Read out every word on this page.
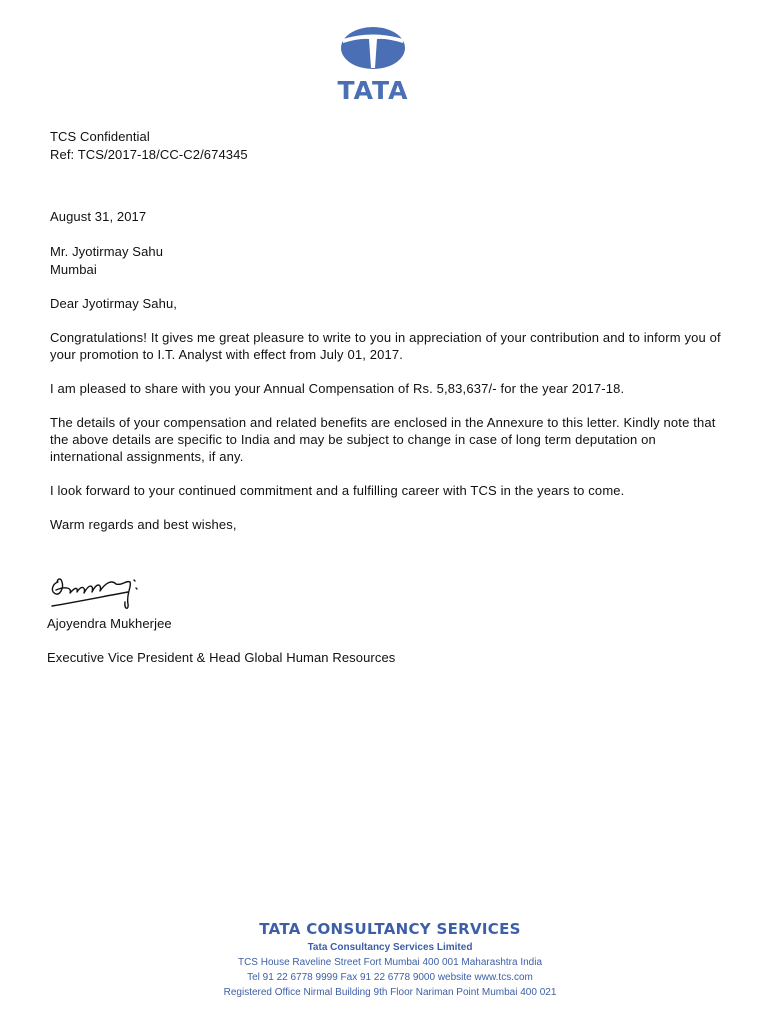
TATA
TCS Confidential
Ref: TCS/2017-18/CC-C2/674345
August 31, 2017
Mr. Jyotirmay Sahu
Mumbai
Dear Jyotirmay Sahu,
Congratulations! It gives me great pleasure to write to you in appreciation of your contribution and to inform you of your promotion to I.T. Analyst with effect from July 01, 2017.
I am pleased to share with you your Annual Compensation of Rs. 5,83,637/- for the year 2017-18.
The details of your compensation and related benefits are enclosed in the Annexure to this letter. Kindly note that the above details are specific to India and may be subject to change in case of long term deputation on international assignments, if any.
I look forward to your continued commitment and a fulfilling career with TCS in the years to come.
Warm regards and best wishes,
Ajoyendra Mukherjee
Executive Vice President & Head Global Human Resources
TATA CONSULTANCY SERVICES
Tata Consultancy Services Limited
TCS House Raveline Street Fort Mumbai 400 001 Maharashtra India
Tel 91 22 6778 9999 Fax 91 22 6778 9000 website www.tcs.com
Registered Office Nirmal Building 9th Floor Nariman Point Mumbai 400 021
